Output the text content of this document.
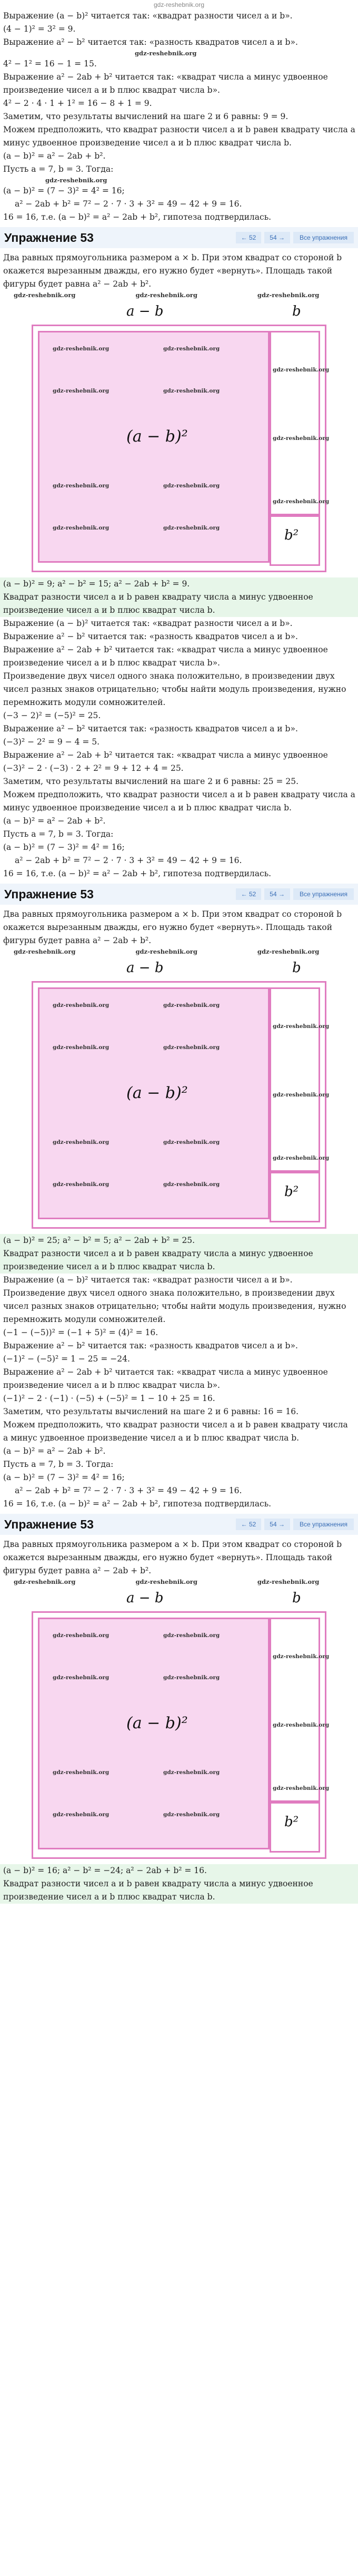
gdz-reshebnik.org
Выражение (a − b)² читается так: «квадрат разности чисел a и b».
(4 − 1)² = 3² = 9.
Выражение a² − b² читается так: «разность квадратов чисел a и b».
gdz-reshebnik.org
4² − 1² = 16 − 1 = 15.
Выражение a² − 2ab + b² читается так: «квадрат числа a минус удвоенное
произведение чисел a и b плюс квадрат числа b».
4² − 2 · 4 · 1 + 1² = 16 − 8 + 1 = 9.
Заметим, что результаты вычислений на шаге 2 и 6 равны: 9 = 9.
Можем предположить, что квадрат разности чисел a и b равен квадрату числа a
минус удвоенное произведение чисел a и b плюс квадрат числа b.
(a − b)² = a² − 2ab + b².
Пусть a = 7, b = 3. Тогда:
gdz-reshebnik.org
(a − b)² = (7 − 3)² = 4² = 16;
a² − 2ab + b² = 7² − 2 · 7 · 3 + 3² = 49 − 42 + 9 = 16.
16 = 16, т.е. (a − b)² = a² − 2ab + b², гипотеза подтвердилась.
Упражнение 53	← 52	54 →	Все упражнения
Два равных прямоугольника размером a × b. При этом квадрат со стороной b
окажется вырезанным дважды, его нужно будет «вернуть». Площадь такой
фигуры будет равна a² − 2ab + b².
gdz-reshebnik.org	gdz-reshebnik.org	gdz-reshebnik.org
a − b	b
(a − b)²
b²
gdz-reshebnik.org	gdz-reshebnik.org
gdz-reshebnik.org	gdz-reshebnik.org
gdz-reshebnik.org	gdz-reshebnik.org
gdz-reshebnik.org	gdz-reshebnik.org
gdz-reshebnik.org
gdz-reshebnik.org
gdz-reshebnik.org
(a − b)² = 9; a² − b² = 15; a² − 2ab + b² = 9.
Квадрат разности чисел a и b равен квадрату числа a минус удвоенное
произведение чисел a и b плюс квадрат числа b.
Выражение (a − b)² читается так: «квадрат разности чисел a и b».
Выражение a² − b² читается так: «разность квадратов чисел a и b».
Выражение a² − 2ab + b² читается так: «квадрат числа a минус удвоенное
произведение чисел a и b плюс квадрат числа b».
Произведение двух чисел одного знака положительно, в произведении двух
чисел разных знаков отрицательно; чтобы найти модуль произведения, нужно
перемножить модули сомножителей.
(−3 − 2)² = (−5)² = 25.
Выражение a² − b² читается так: «разность квадратов чисел a и b».
(−3)² − 2² = 9 − 4 = 5.
Выражение a² − 2ab + b² читается так: «квадрат числа a минус удвоенное
(−3)² − 2 · (−3) · 2 + 2² = 9 + 12 + 4 = 25.
Заметим, что результаты вычислений на шаге 2 и 6 равны: 25 = 25.
Можем предположить, что квадрат разности чисел a и b равен квадрату числа a
минус удвоенное произведение чисел a и b плюс квадрат числа b.
(a − b)² = a² − 2ab + b².
Пусть a = 7, b = 3. Тогда:
(a − b)² = (7 − 3)² = 4² = 16;
a² − 2ab + b² = 7² − 2 · 7 · 3 + 3² = 49 − 42 + 9 = 16.
16 = 16, т.е. (a − b)² = a² − 2ab + b², гипотеза подтвердилась.
Упражнение 53	← 52	54 →	Все упражнения
Два равных прямоугольника размером a × b. При этом квадрат со стороной b
окажется вырезанным дважды, его нужно будет «вернуть». Площадь такой
фигуры будет равна a² − 2ab + b².
gdz-reshebnik.org	gdz-reshebnik.org	gdz-reshebnik.org
a − b	b
(a − b)²
b²
gdz-reshebnik.org	gdz-reshebnik.org
gdz-reshebnik.org	gdz-reshebnik.org
gdz-reshebnik.org	gdz-reshebnik.org
gdz-reshebnik.org	gdz-reshebnik.org
gdz-reshebnik.org
gdz-reshebnik.org
gdz-reshebnik.org
(a − b)² = 25; a² − b² = 5; a² − 2ab + b² = 25.
Квадрат разности чисел a и b равен квадрату числа a минус удвоенное
произведение чисел a и b плюс квадрат числа b.
Выражение (a − b)² читается так: «квадрат разности чисел a и b».
Произведение двух чисел одного знака положительно, в произведении двух
чисел разных знаков отрицательно; чтобы найти модуль произведения, нужно
перемножить модули сомножителей.
(−1 − (−5))² = (−1 + 5)² = (4)² = 16.
Выражение a² − b² читается так: «разность квадратов чисел a и b».
(−1)² − (−5)² = 1 − 25 = −24.
Выражение a² − 2ab + b² читается так: «квадрат числа a минус удвоенное
произведение чисел a и b плюс квадрат числа b».
(−1)² − 2 · (−1) · (−5) + (−5)² = 1 − 10 + 25 = 16.
Заметим, что результаты вычислений на шаге 2 и 6 равны: 16 = 16.
Можем предположить, что квадрат разности чисел a и b равен квадрату числа
a минус удвоенное произведение чисел a и b плюс квадрат числа b.
(a − b)² = a² − 2ab + b².
Пусть a = 7, b = 3. Тогда:
(a − b)² = (7 − 3)² = 4² = 16;
a² − 2ab + b² = 7² − 2 · 7 · 3 + 3² = 49 − 42 + 9 = 16.
16 = 16, т.е. (a − b)² = a² − 2ab + b², гипотеза подтвердилась.
Упражнение 53	← 52	54 →	Все упражнения
Два равных прямоугольника размером a × b. При этом квадрат со стороной b
окажется вырезанным дважды, его нужно будет «вернуть». Площадь такой
фигуры будет равна a² − 2ab + b².
gdz-reshebnik.org	gdz-reshebnik.org	gdz-reshebnik.org
a − b	b
(a − b)²
b²
gdz-reshebnik.org	gdz-reshebnik.org
gdz-reshebnik.org	gdz-reshebnik.org
gdz-reshebnik.org	gdz-reshebnik.org
gdz-reshebnik.org	gdz-reshebnik.org
gdz-reshebnik.org
gdz-reshebnik.org
gdz-reshebnik.org
(a − b)² = 16; a² − b² = −24; a² − 2ab + b² = 16.
Квадрат разности чисел a и b равен квадрату числа a минус удвоенное
произведение чисел a и b плюс квадрат числа b.
